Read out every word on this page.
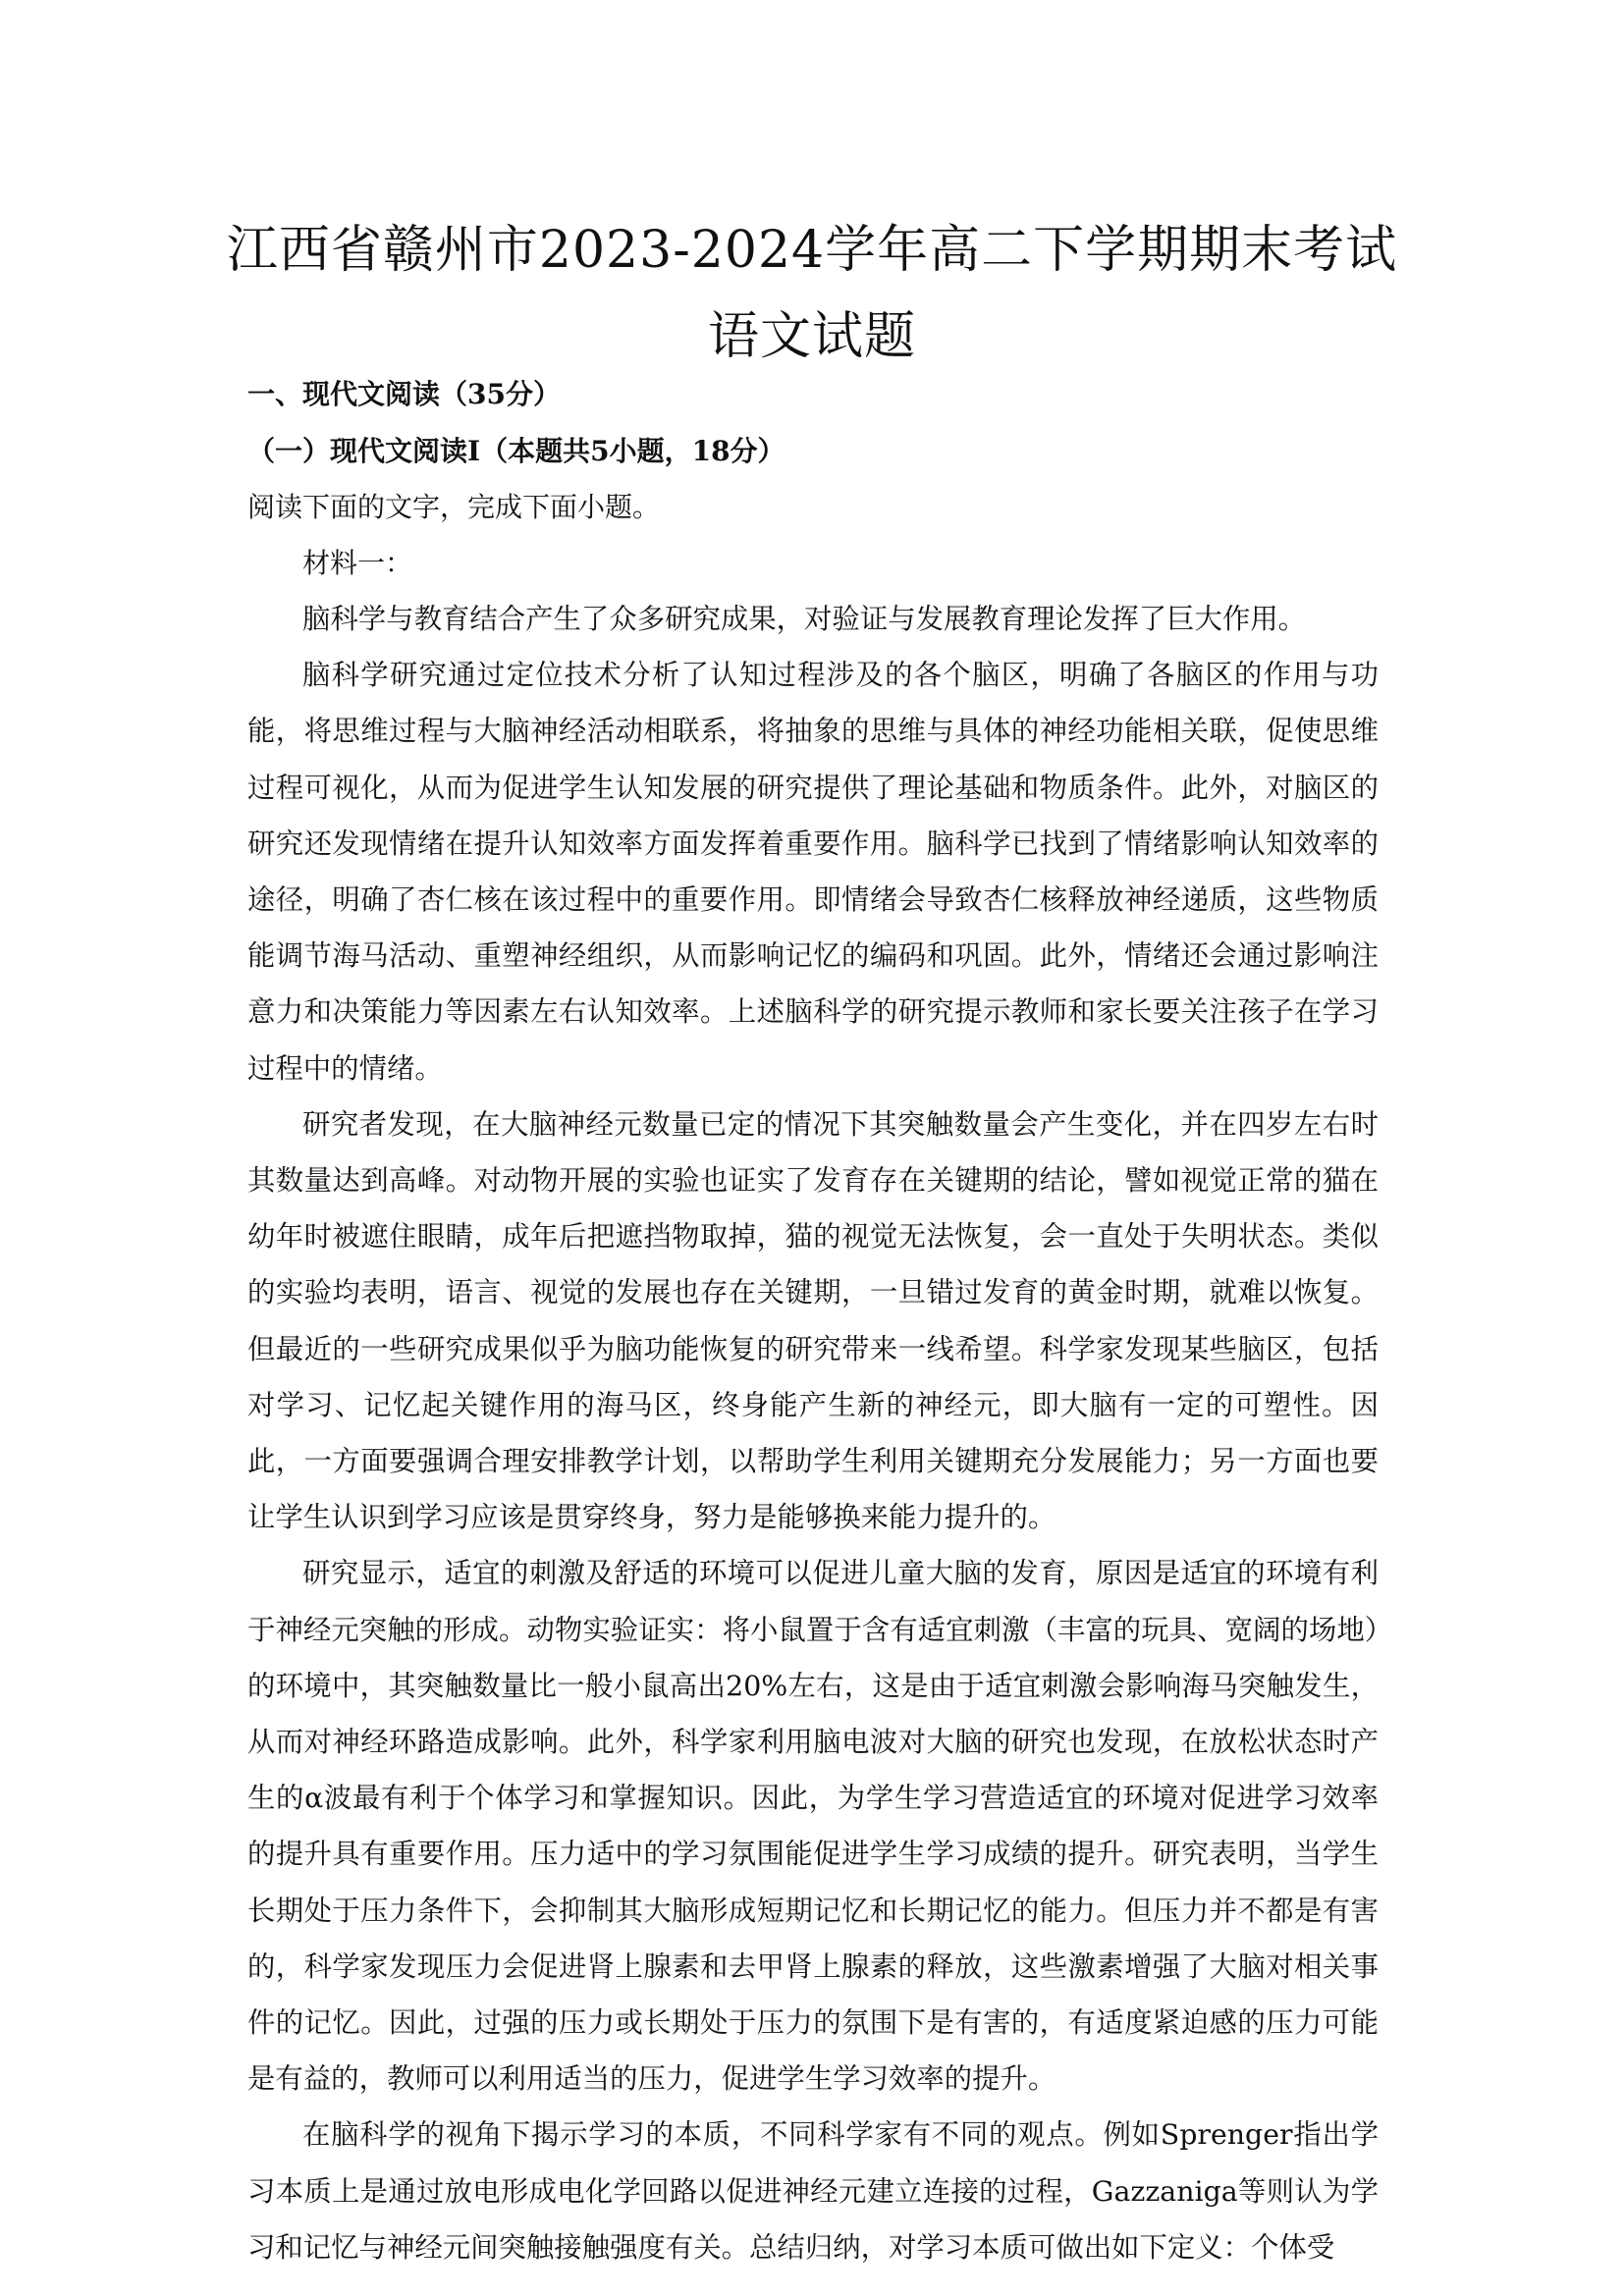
江西省赣州市2023-2024学年高二下学期期末考试
语文试题
一、现代文阅读（35分）
（一）现代文阅读I（本题共5小题，18分）
阅读下面的文字，完成下面小题。
材料一：

脑科学与教育结合产生了众多研究成果，对验证与发展教育理论发挥了巨大作用。

脑科学研究通过定位技术分析了认知过程涉及的各个脑区，明确了各脑区的作用与功能，将思维过程与大脑神经活动相联系，将抽象的思维与具体的神经功能相关联，促使思维过程可视化，从而为促进学生认知发展的研究提供了理论基础和物质条件。此外，对脑区的研究还发现情绪在提升认知效率方面发挥着重要作用。脑科学已找到了情绪影响认知效率的途径，明确了杏仁核在该过程中的重要作用。即情绪会导致杏仁核释放神经递质，这些物质能调节海马活动、重塑神经组织，从而影响记忆的编码和巩固。此外，情绪还会通过影响注意力和决策能力等因素左右认知效率。上述脑科学的研究提示教师和家长要关注孩子在学习过程中的情绪。

研究者发现，在大脑神经元数量已定的情况下其突触数量会产生变化，并在四岁左右时其数量达到高峰。对动物开展的实验也证实了发育存在关键期的结论，譬如视觉正常的猫在幼年时被遮住眼睛，成年后把遮挡物取掉，猫的视觉无法恢复，会一直处于失明状态。类似的实验均表明，语言、视觉的发展也存在关键期，一旦错过发育的黄金时期，就难以恢复。但最近的一些研究成果似乎为脑功能恢复的研究带来一线希望。科学家发现某些脑区，包括对学习、记忆起关键作用的海马区，终身能产生新的神经元，即大脑有一定的可塑性。因此，一方面要强调合理安排教学计划，以帮助学生利用关键期充分发展能力；另一方面也要让学生认识到学习应该是贯穿终身，努力是能够换来能力提升的。

研究显示，适宜的刺激及舒适的环境可以促进儿童大脑的发育，原因是适宜的环境有利于神经元突触的形成。动物实验证实：将小鼠置于含有适宜刺激（丰富的玩具、宽阔的场地）的环境中，其突触数量比一般小鼠高出20%左右，这是由于适宜刺激会影响海马突触发生，从而对神经环路造成影响。此外，科学家利用脑电波对大脑的研究也发现，在放松状态时产生的α波最有利于个体学习和掌握知识。因此，为学生学习营造适宜的环境对促进学习效率的提升具有重要作用。压力适中的学习氛围能促进学生学习成绩的提升。研究表明，当学生长期处于压力条件下，会抑制其大脑形成短期记忆和长期记忆的能力。但压力并不都是有害的，科学家发现压力会促进肾上腺素和去甲肾上腺素的释放，这些激素增强了大脑对相关事件的记忆。因此，过强的压力或长期处于压力的氛围下是有害的，有适度紧迫感的压力可能是有益的，教师可以利用适当的压力，促进学生学习效率的提升。

在脑科学的视角下揭示学习的本质，不同科学家有不同的观点。例如Sprenger指出学习本质上是通过放电形成电化学回路以促进神经元建立连接的过程，Gazzaniga等则认为学习和记忆与神经元间突触接触强度有关。总结归纳，对学习本质可做出如下定义：个体受
